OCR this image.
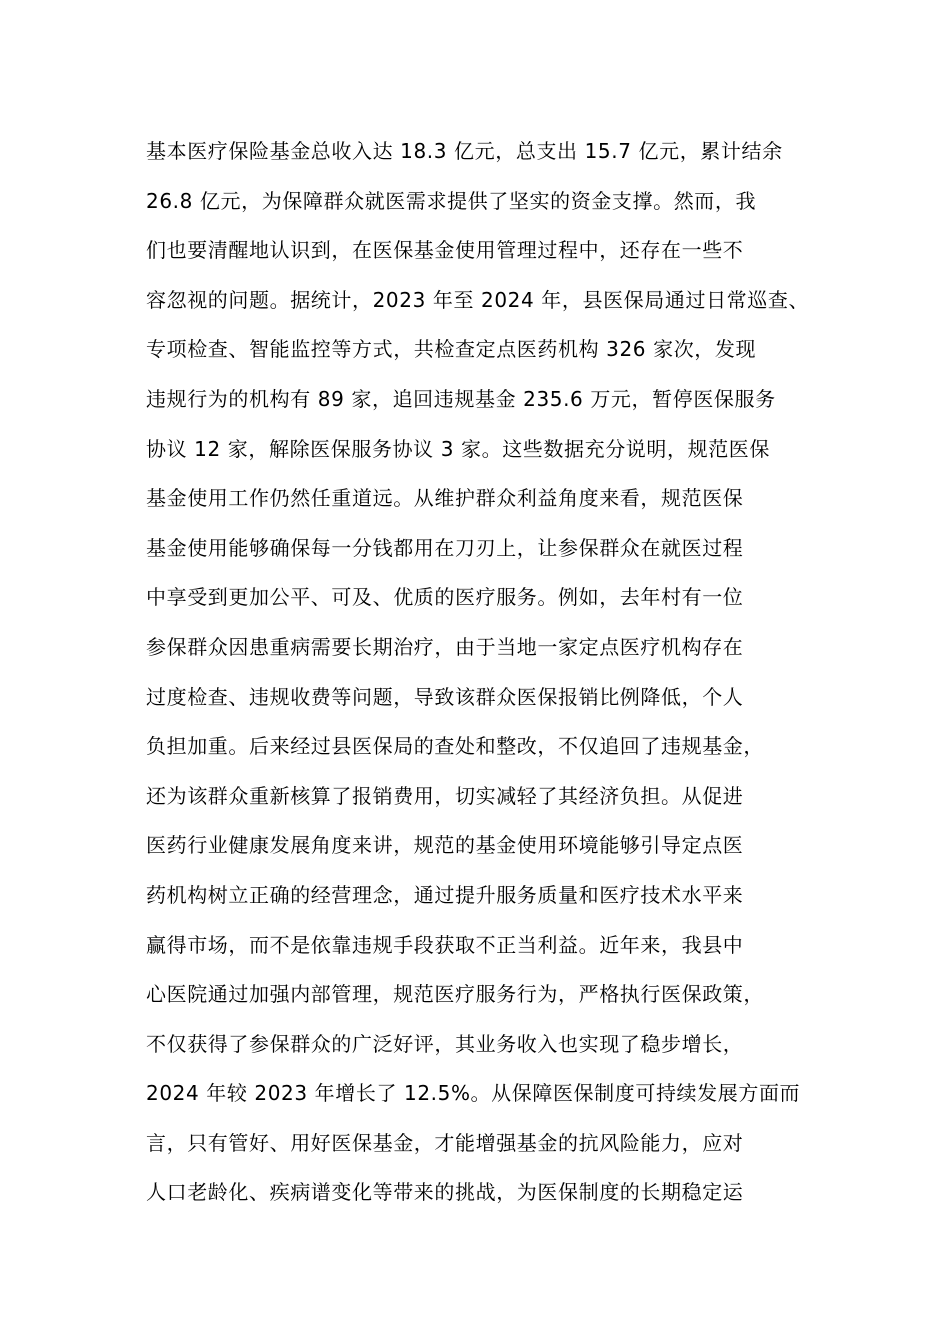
基本医疗保险基金总收入达 18.3 亿元，总支出 15.7 亿元，累计结余
26.8 亿元，为保障群众就医需求提供了坚实的资金支撑。然而，我
们也要清醒地认识到，在医保基金使用管理过程中，还存在一些不
容忽视的问题。据统计，2023 年至 2024 年，县医保局通过日常巡查、
专项检查、智能监控等方式，共检查定点医药机构 326 家次，发现
违规行为的机构有 89 家，追回违规基金 235.6 万元，暂停医保服务
协议 12 家，解除医保服务协议 3 家。这些数据充分说明，规范医保
基金使用工作仍然任重道远。从维护群众利益角度来看，规范医保
基金使用能够确保每一分钱都用在刀刃上，让参保群众在就医过程
中享受到更加公平、可及、优质的医疗服务。例如，去年村有一位
参保群众因患重病需要长期治疗，由于当地一家定点医疗机构存在
过度检查、违规收费等问题，导致该群众医保报销比例降低，个人
负担加重。后来经过县医保局的查处和整改，不仅追回了违规基金，
还为该群众重新核算了报销费用，切实减轻了其经济负担。从促进
医药行业健康发展角度来讲，规范的基金使用环境能够引导定点医
药机构树立正确的经营理念，通过提升服务质量和医疗技术水平来
赢得市场，而不是依靠违规手段获取不正当利益。近年来，我县中
心医院通过加强内部管理，规范医疗服务行为，严格执行医保政策，
不仅获得了参保群众的广泛好评，其业务收入也实现了稳步增长，
2024 年较 2023 年增长了 12.5%。从保障医保制度可持续发展方面而
言，只有管好、用好医保基金，才能增强基金的抗风险能力，应对
人口老龄化、疾病谱变化等带来的挑战，为医保制度的长期稳定运
